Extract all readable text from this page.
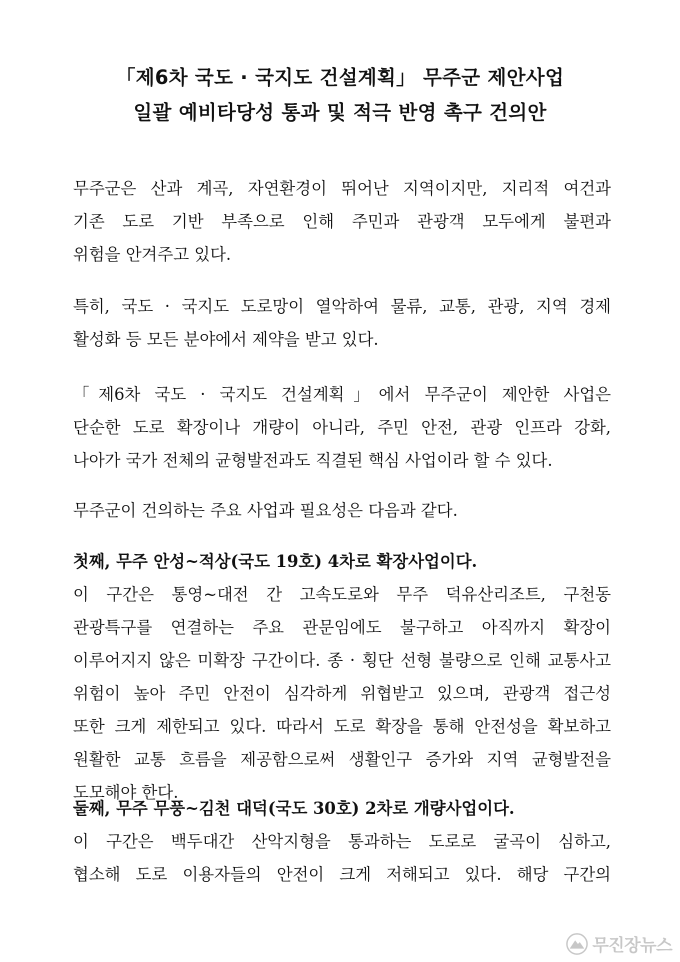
「제6차 국도 · 국지도 건설계획」 무주군 제안사업
일괄 예비타당성 통과 및 적극 반영 촉구 건의안
무주군은 산과 계곡, 자연환경이 뛰어난 지역이지만, 지리적 여건과
기존 도로 기반 부족으로 인해 주민과 관광객 모두에게 불편과
위험을 안겨주고 있다.
특히, 국도 · 국지도 도로망이 열악하여 물류, 교통, 관광, 지역 경제
활성화 등 모든 분야에서 제약을 받고 있다.
「제6차 국도 · 국지도 건설계획」에서 무주군이 제안한 사업은
단순한 도로 확장이나 개량이 아니라, 주민 안전, 관광 인프라 강화,
나아가 국가 전체의 균형발전과도 직결된 핵심 사업이라 할 수 있다.
무주군이 건의하는 주요 사업과 필요성은 다음과 같다.
첫째, 무주 안성~적상(국도 19호) 4차로 확장사업이다.
이 구간은 통영~대전 간 고속도로와 무주 덕유산리조트, 구천동
관광특구를 연결하는 주요 관문임에도 불구하고 아직까지 확장이
이루어지지 않은 미확장 구간이다. 종 · 횡단 선형 불량으로 인해 교통사고
위험이 높아 주민 안전이 심각하게 위협받고 있으며, 관광객 접근성
또한 크게 제한되고 있다. 따라서 도로 확장을 통해 안전성을 확보하고
원활한 교통 흐름을 제공함으로써 생활인구 증가와 지역 균형발전을
도모해야 한다.
둘째, 무주 무풍~김천 대덕(국도 30호) 2차로 개량사업이다.
이 구간은 백두대간 산악지형을 통과하는 도로로 굴곡이 심하고,
협소해 도로 이용자들의 안전이 크게 저해되고 있다. 해당 구간의
무진장뉴스
